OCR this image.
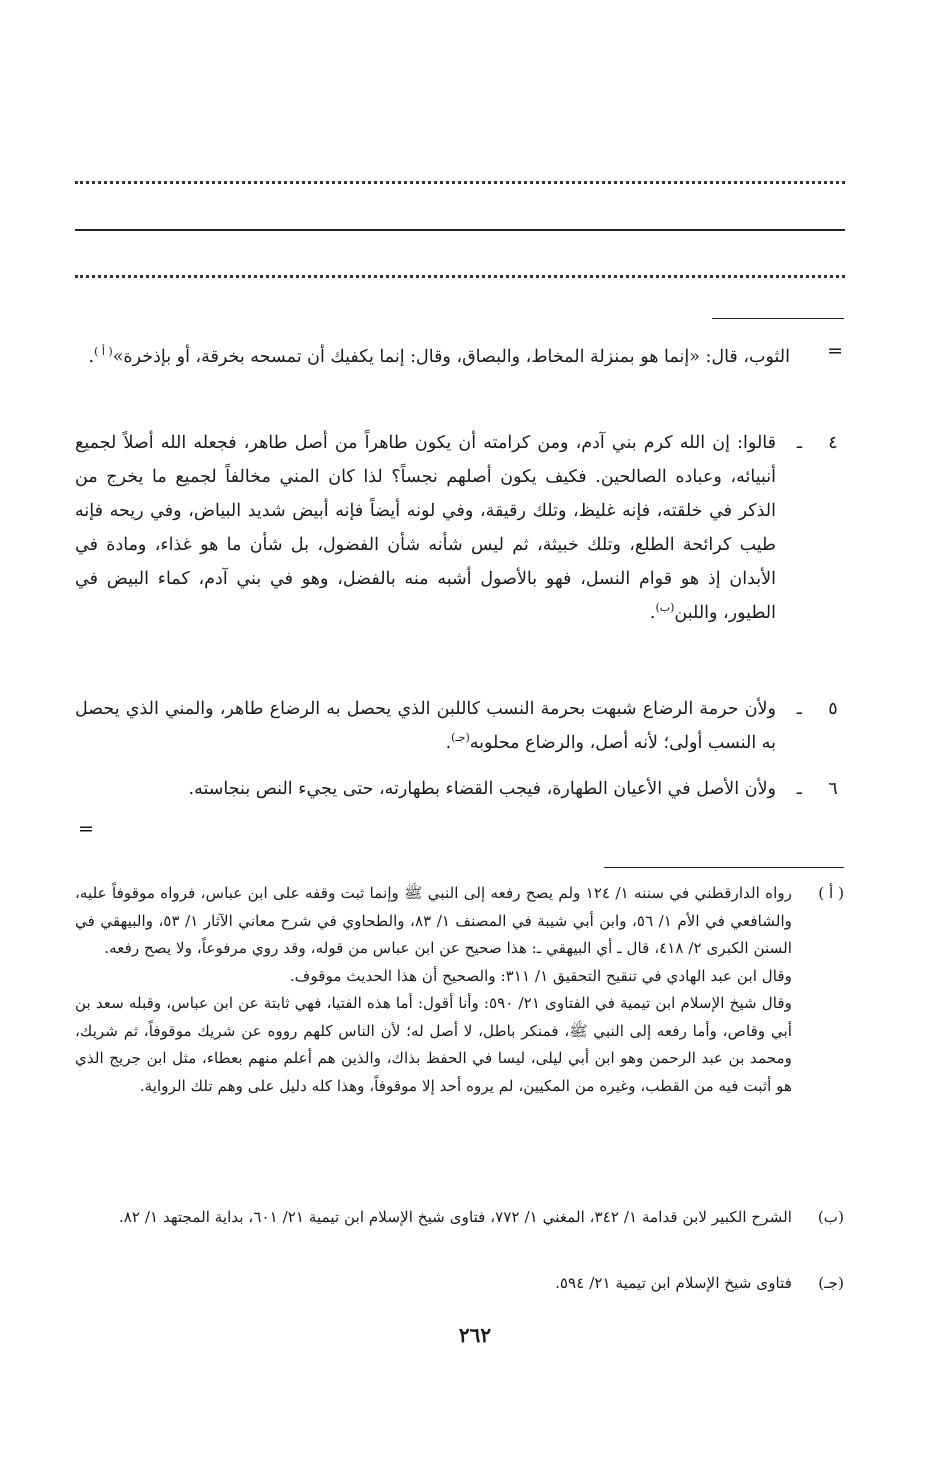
=
الثوب، قال: «إنما هو بمنزلة المخاط، والبصاق، وقال: إنما يكفيك أن تمسحه بخرقة، أو بإذخرة»$^{( أ )}$.
٤
ـ
قالوا: إن الله كرم بني آدم، ومن كرامته أن يكون طاهراً من أصل طاهر، فجعله الله أصلاً لجميع أنبيائه، وعباده الصالحين. فكيف يكون أصلهم نجساً؟ لذا كان المني مخالفاً لجميع ما يخرج من الذكر في خلقته، فإنه غليظ، وتلك رقيقة، وفي لونه أيضاً فإنه أبيض شديد البياض، وفي ريحه فإنه طيب كرائحة الطلع، وتلك خبيثة، ثم ليس شأنه شأن الفضول، بل شأن ما هو غذاء، ومادة في الأبدان إذ هو قوام النسل، فهو بالأصول أشبه منه بالفضل، وهو في بني آدم، كماء البيض في الطيور، واللبن$^{(ب)}$.
٥
ـ
ولأن حرمة الرضاع شبهت بحرمة النسب كاللبن الذي يحصل به الرضاع طاهر، والمني الذي يحصل به النسب أولى؛ لأنه أصل، والرضاع محلوبه$^{(جـ)}$.
٦
ـ
ولأن الأصل في الأعيان الطهارة، فيجب القضاء بطهارته، حتى يجيء النص بنجاسته.
=
( أ )
رواه الدارقطني في سننه ١/ ١٢٤ ولم يصح رفعه إلى النبي ﷺ وإنما ثبت وقفه على ابن عباس، فرواه موقوفاً عليه، والشافعي في الأم ١/ ٥٦، وابن أبي شيبة في المصنف ١/ ٨٣، والطحاوي في شرح معاني الآثار ١/ ٥٣، والبيهقي في السنن الكبرى ٢/ ٤١٨، قال ـ أي البيهقي ـ: هذا صحيح عن ابن عباس من قوله، وقد روي مرفوعاً، ولا يصح رفعه.
وقال ابن عبد الهادي في تنقيح التحقيق ١/ ٣١١: والصحيح أن هذا الحديث موقوف.
وقال شيخ الإسلام ابن تيمية في الفتاوى ٢١/ ٥٩٠: وأنا أقول: أما هذه الفتيا، فهي ثابتة عن ابن عباس، وقبله سعد بن أبي وقاص، وأما رفعه إلى النبي ﷺ، فمنكر باطل، لا أصل له؛ لأن الناس كلهم رووه عن شريك موقوفاً، ثم شريك، ومحمد بن عبد الرحمن وهو ابن أبي ليلى، ليسا في الحفظ بذاك، والذين هم أعلم منهم بعطاء، مثل ابن جريج الذي هو أثبت فيه من القطب، وغيره من المكيين، لم يروه أحد إلا موقوفاً، وهذا كله دليل على وهم تلك الرواية.
(ب)
الشرح الكبير لابن قدامة ١/ ٣٤٢، المغني ١/ ٧٧٢، فتاوى شيخ الإسلام ابن تيمية ٢١/ ٦٠١، بداية المجتهد ١/ ٨٢.
(جـ)
فتاوى شيخ الإسلام ابن تيمية ٢١/ ٥٩٤.
٢٦٢
